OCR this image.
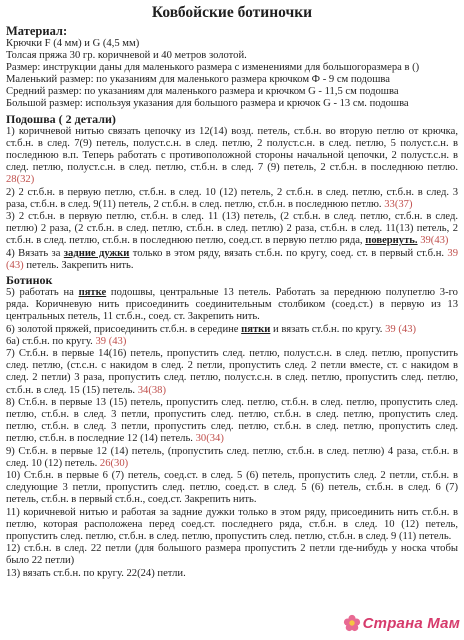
Ковбойские ботиночки
Материал:
Крючки F (4 мм) и G (4,5 мм)
Толсая пряжа 30 гр. коричневой и 40 метров золотой.
Размер: инструкции даны для маленького размера с изменениями для большогоразмера в ()
Маленький размер: по указаниям для маленького размера крючком Ф - 9 см подошва
Средний размер: по указаниям для маленького размера и крючком G - 11,5 см подошва
Большой размер: используя указания для большого размера и крючок G - 13 см. подошва
Подошва ( 2 детали)

1) коричневой нитью связать цепочку из 12(14) возд. петель, ст.б.н. во вторую петлю от крючка, ст.б.н. в след. 7(9) петель, полуст.с.н. в след. петлю, 2 полуст.с.н. в след. петлю, 5 полуст.с.н. в последнюю в.п. Теперь работать с противоположной стороны начальной цепочки, 2 полуст.с.н. в след. петлю, полуст.с.н. в след. петлю, ст.б.н. в след. 7 (9) петель, 2 ст.б.н. в последнюю петлю. 28(32)

2) 2 ст.б.н. в первую петлю, ст.б.н. в след. 10 (12) петель, 2 ст.б.н. в след. петлю, ст.б.н. в след. 3 раза, ст.б.н. в след. 9(11) петель, 2 ст.б.н. в след. петлю, ст.б.н. в последнюю петлю. 33(37)

3) 2 ст.б.н. в первую петлю, ст.б.н. в след. 11 (13) петель, (2 ст.б.н. в след. петлю, ст.б.н. в след. петлю) 2 раза, (2 ст.б.н. в след. петлю, ст.б.н. в след. петлю) 2 раза, ст.б.н. в след. 11(13) петель, 2 ст.б.н. в след. петлю, ст.б.н. в последнюю петлю, соед.ст. в первую петлю ряда, повернуть. 39(43)

4) Вязать за задние дужки только в этом ряду, вязать ст.б.н. по кругу, соед. ст. в первый ст.б.н. 39 (43) петель. Закрепить нить.

Ботинок

5) работать на пятке подошвы, центральные 13 петель. Работать за переднюю полупетлю 3-го ряда. Коричневую нить присоединить соединительным столбиком (соед.ст.) в первую из 13 центральных петель, 11 ст.б.н., соед. ст. Закрепить нить.

6) золотой пряжей, присоединить ст.б.н. в середине пятки и вязать ст.б.н. по кругу. 39 (43)

6а) ст.б.н. по кругу. 39 (43)

7) Ст.б.н. в первые 14(16) петель, пропустить след. петлю, полуст.с.н. в след. петлю, пропустить след. петлю, (ст.с.н. с накидом в след. 2 петли, пропустить след. 2 петли вместе, ст. с накидом в след. 2 петли) 3 раза, пропустить след. петлю, полуст.с.н. в след. петлю, пропустить след. петлю, ст.б.н. в след. 15 (15) петель. 34(38)

8) Ст.б.н. в первые 13 (15) петель, пропустить след. петлю, ст.б.н. в след. петлю, пропустить след. петлю, ст.б.н. в след. 3 петли, пропустить след. петлю, ст.б.н. в след. петлю, пропустить след. петлю, ст.б.н. в след. 3 петли, пропустить след. петлю, ст.б.н. в след. петлю, пропустить след. петлю, ст.б.н. в последние 12 (14) петель. 30(34)

9) Ст.б.н. в первые 12 (14) петель, (пропустить след. петлю, ст.б.н. в след. петлю) 4 раза, ст.б.н. в след. 10 (12) петель. 26(30)

10) Ст.б.н. в первые 6 (7) петель, соед.ст. в след. 5 (6) петель, пропустить след. 2 петли, ст.б.н. в следующие 3 петли, пропустить след. петлю, соед.ст. в след. 5 (6) петель, ст.б.н. в след. 6 (7) петель, ст.б.н. в первый ст.б.н., соед.ст. Закрепить нить.

11) коричневой нитью и работая за задние дужки только в этом ряду, присоединить нить ст.б.н. в петлю, которая расположена перед соед.ст. последнего ряда, ст.б.н. в след. 10 (12) петель, пропустить след. петлю, ст.б.н. в след. петлю, пропустить след. петлю, ст.б.н. в след. 9 (11) петель.

12) ст.б.н. в след. 22 петли (для большого размера пропустить 2 петли где-нибудь у носка чтобы было 22 петли)

13) вязать ст.б.н. по кругу. 22(24) петли.

Страна Мам
